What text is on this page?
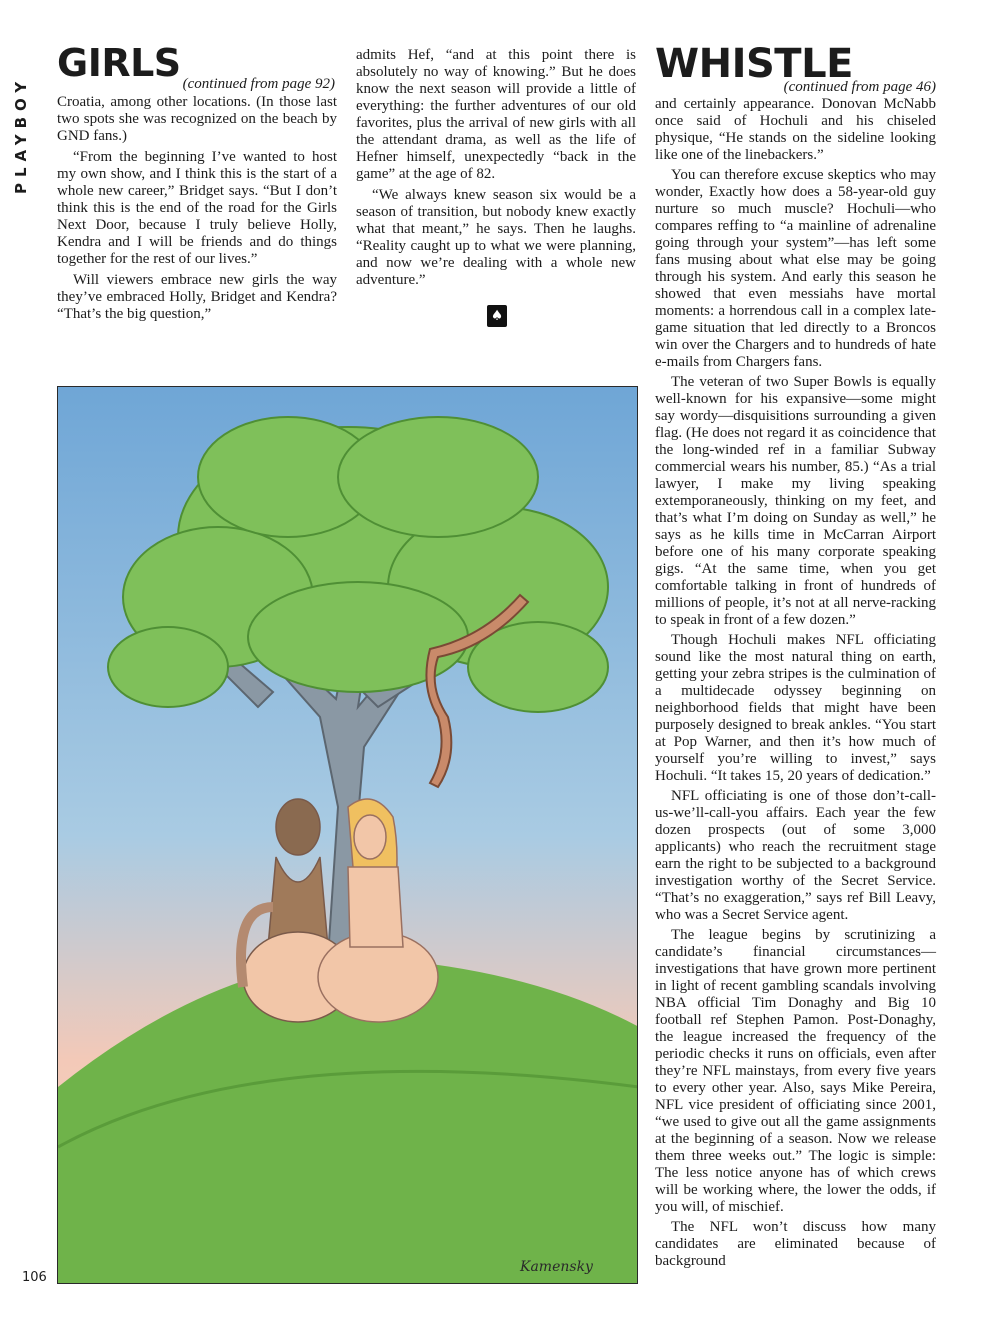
PLAYBOY
GIRLS (continued from page 92)

Croatia, among other locations. (In those last two spots she was recognized on the beach by GND fans.)

“From the beginning I’ve wanted to host my own show, and I think this is the start of a whole new career,” Bridget says. “But I don’t think this is the end of the road for the Girls Next Door, because I truly believe Holly, Kendra and I will be friends and do things together for the rest of our lives.”

Will viewers embrace new girls the way they’ve embraced Holly, Bridget and Kendra? “That’s the big question,”

admits Hef, “and at this point there is absolutely no way of knowing.” But he does know the next season will provide a little of everything: the further adventures of our old favorites, plus the arrival of new girls with all the attendant drama, as well as the life of Hefner himself, unexpectedly “back in the game” at the age of 82.

“We always knew season six would be a season of transition, but nobody knew exactly what that meant,” he says. Then he laughs. “Reality caught up to what we were planning, and now we’re dealing with a whole new adventure.”

♠
WHISTLE
(continued from page 46)

and certainly appearance. Donovan McNabb once said of Hochuli and his chiseled physique, “He stands on the sideline looking like one of the linebackers.”

You can therefore excuse skeptics who may wonder, Exactly how does a 58-year-old guy nurture so much muscle? Hochuli—who compares reffing to “a mainline of adrenaline going through your system”—has left some fans musing about what else may be going through his system. And early this season he showed that even messiahs have mortal moments: a horrendous call in a complex late-game situation that led directly to a Broncos win over the Chargers and to hundreds of hate e-mails from Chargers fans.

The veteran of two Super Bowls is equally well-known for his expansive—some might say wordy—disquisitions surrounding a given flag. (He does not regard it as coincidence that the long-winded ref in a familiar Subway commercial wears his number, 85.) “As a trial lawyer, I make my living speaking extemporaneously, thinking on my feet, and that’s what I’m doing on Sunday as well,” he says as he kills time in McCarran Airport before one of his many corporate speaking gigs. “At the same time, when you get comfortable talking in front of hundreds of millions of people, it’s not at all nerve-racking to speak in front of a few dozen.”

Though Hochuli makes NFL officiating sound like the most natural thing on earth, getting your zebra stripes is the culmination of a multidecade odyssey beginning on neighborhood fields that might have been purposely designed to break ankles. “You start at Pop Warner, and then it’s how much of yourself you’re willing to invest,” says Hochuli. “It takes 15, 20 years of dedication.”

NFL officiating is one of those don’t-call-us-we’ll-call-you affairs. Each year the few dozen prospects (out of some 3,000 applicants) who reach the recruitment stage earn the right to be subjected to a background investigation worthy of the Secret Service. “That’s no exaggeration,” says ref Bill Leavy, who was a Secret Service agent.

The league begins by scrutinizing a candidate’s financial circumstances—investigations that have grown more pertinent in light of recent gambling scandals involving NBA official Tim Donaghy and Big 10 football ref Stephen Pamon. Post-Donaghy, the league increased the frequency of the periodic checks it runs on officials, even after they’re NFL mainstays, from every five years to every other year. Also, says Mike Pereira, NFL vice president of officiating since 2001, “we used to give out all the game assignments at the beginning of a season. Now we release them three weeks out.” The logic is simple: The less notice anyone has of which crews will be working where, the lower the odds, if you will, of mischief.

The NFL won’t discuss how many candidates are eliminated because of background

Kamensky
106
